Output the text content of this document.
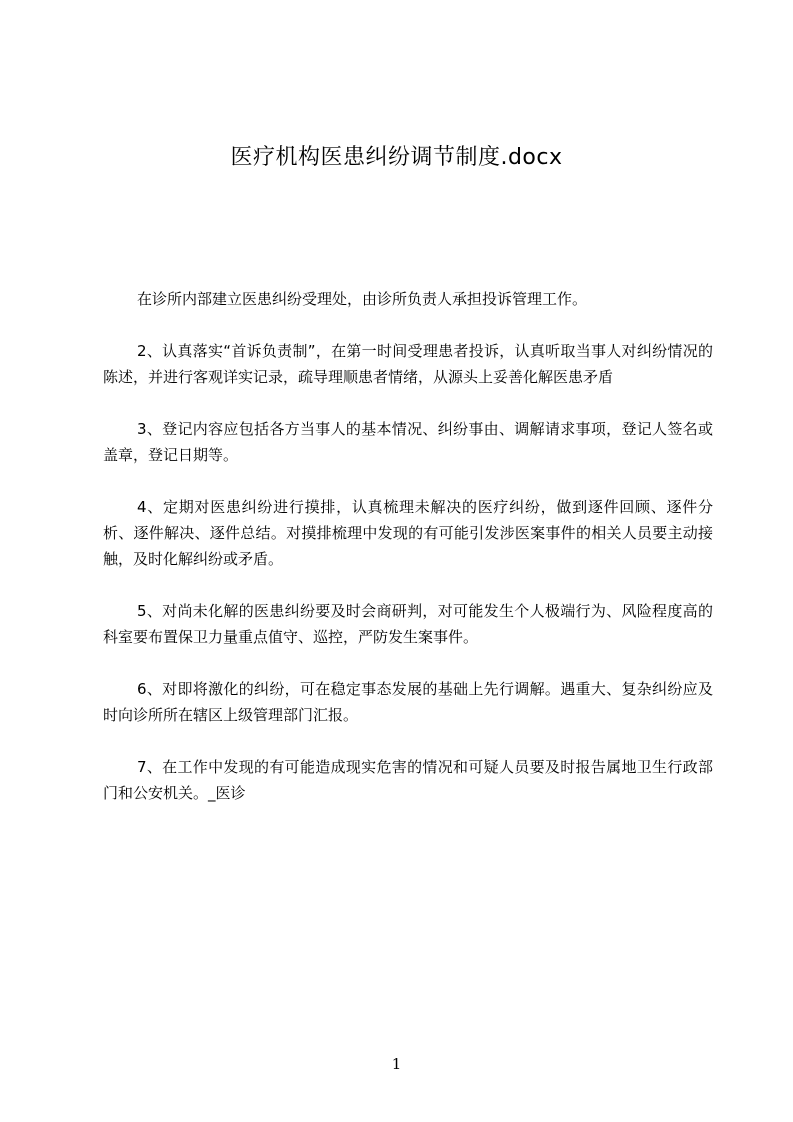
医疗机构医患纠纷调节制度.docx

在诊所内部建立医患纠纷受理处，由诊所负责人承担投诉管理工作。

2、认真落实“首诉负责制”，在第一时间受理患者投诉，认真听取当事人对纠纷情况的陈述，并进行客观详实记录，疏导理顺患者情绪，从源头上妥善化解医患矛盾

3、登记内容应包括各方当事人的基本情况、纠纷事由、调解请求事项，登记人签名或盖章，登记日期等。

4、定期对医患纠纷进行摸排，认真梳理未解决的医疗纠纷，做到逐件回顾、逐件分析、逐件解决、逐件总结。对摸排梳理中发现的有可能引发涉医案事件的相关人员要主动接触，及时化解纠纷或矛盾。

5、对尚未化解的医患纠纷要及时会商研判，对可能发生个人极端行为、风险程度高的科室要布置保卫力量重点值守、巡控，严防发生案事件。

6、对即将激化的纠纷，可在稳定事态发展的基础上先行调解。遇重大、复杂纠纷应及时向诊所所在辖区上级管理部门汇报。

7、在工作中发现的有可能造成现实危害的情况和可疑人员要及时报告属地卫生行政部门和公安机关。_医诊

1
